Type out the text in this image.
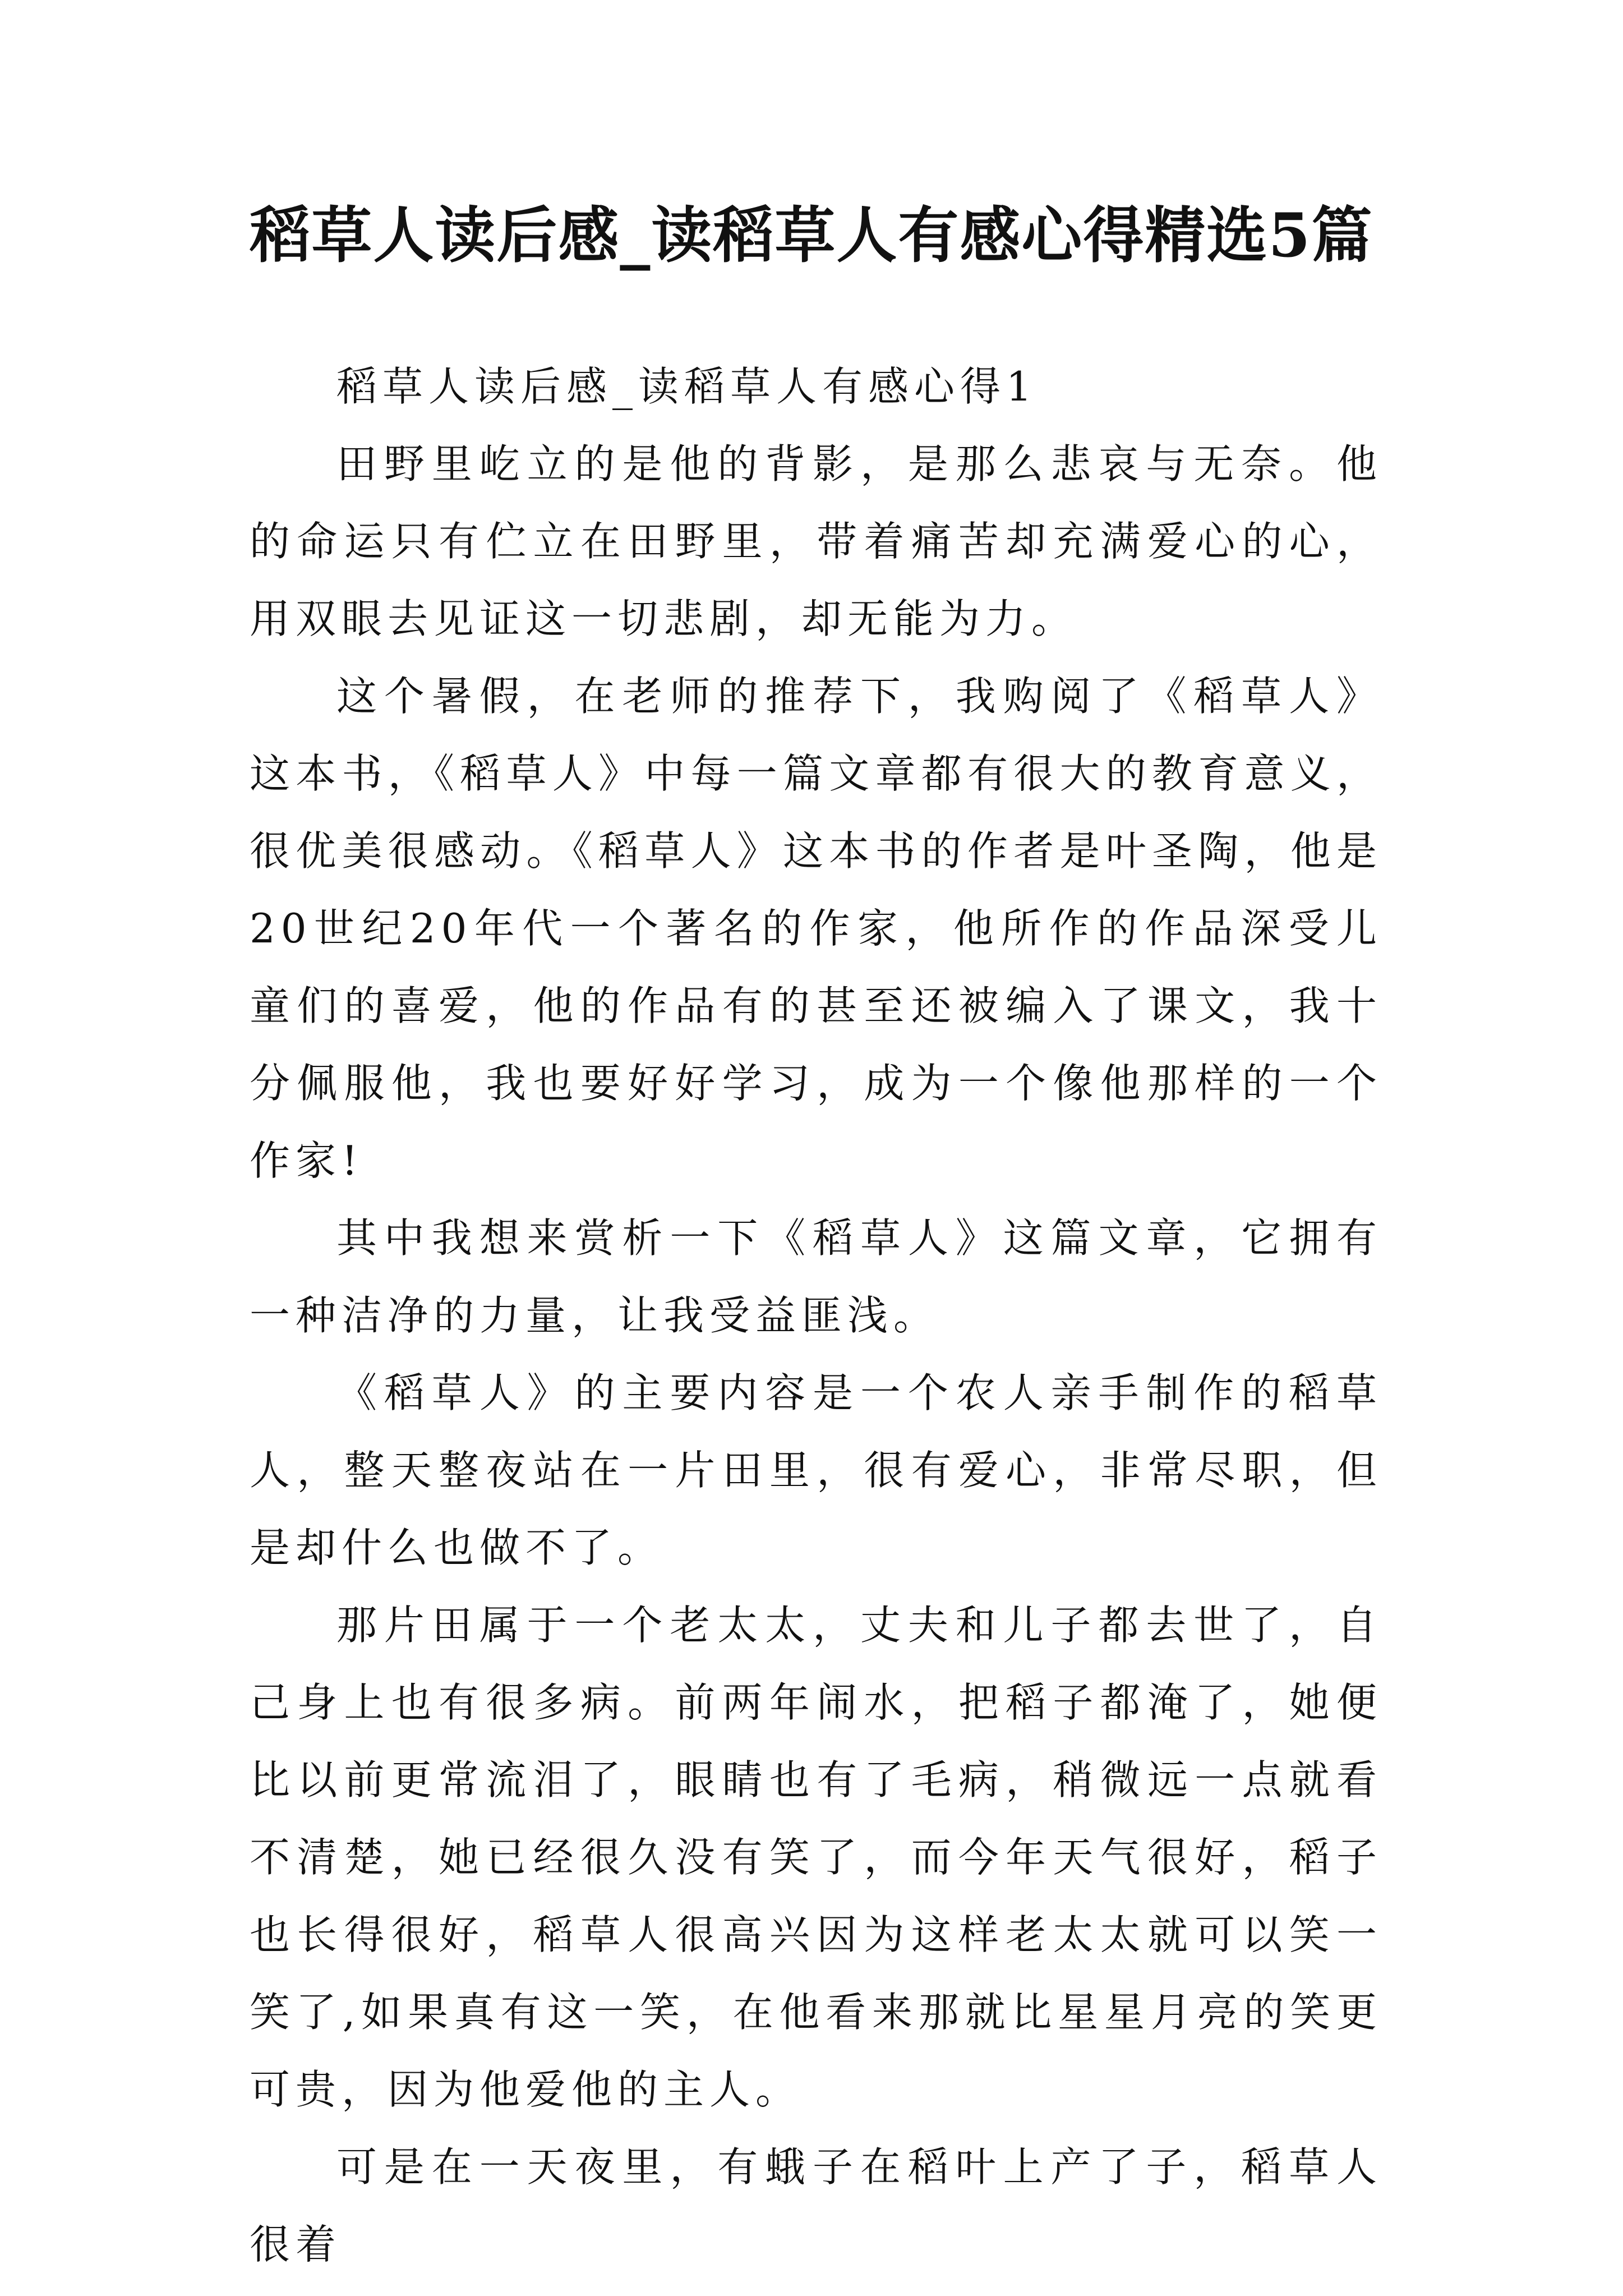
稻草人读后感_读稻草人有感心得精选5篇

稻草人读后感_读稻草人有感心得1

田野里屹立的是他的背影，是那么悲哀与无奈。他的命运只有伫立在田野里，带着痛苦却充满爱心的心，用双眼去见证这一切悲剧，却无能为力。

这个暑假，在老师的推荐下，我购阅了《稻草人》这本书，《稻草人》中每一篇文章都有很大的教育意义，很优美很感动。《稻草人》这本书的作者是叶圣陶，他是20世纪20年代一个著名的作家，他所作的作品深受儿童们的喜爱，他的作品有的甚至还被编入了课文，我十分佩服他，我也要好好学习，成为一个像他那样的一个作家!

其中我想来赏析一下《稻草人》这篇文章，它拥有一种洁净的力量，让我受益匪浅。

《稻草人》的主要内容是一个农人亲手制作的稻草人，整天整夜站在一片田里，很有爱心，非常尽职，但是却什么也做不了。

那片田属于一个老太太，丈夫和儿子都去世了，自己身上也有很多病。前两年闹水，把稻子都淹了，她便比以前更常流泪了，眼睛也有了毛病，稍微远一点就看不清楚，她已经很久没有笑了，而今年天气很好，稻子也长得很好，稻草人很高兴因为这样老太太就可以笑一笑了,如果真有这一笑，在他看来那就比星星月亮的笑更可贵，因为他爱他的主人。

可是在一天夜里，有蛾子在稻叶上产了子，稻草人很着
